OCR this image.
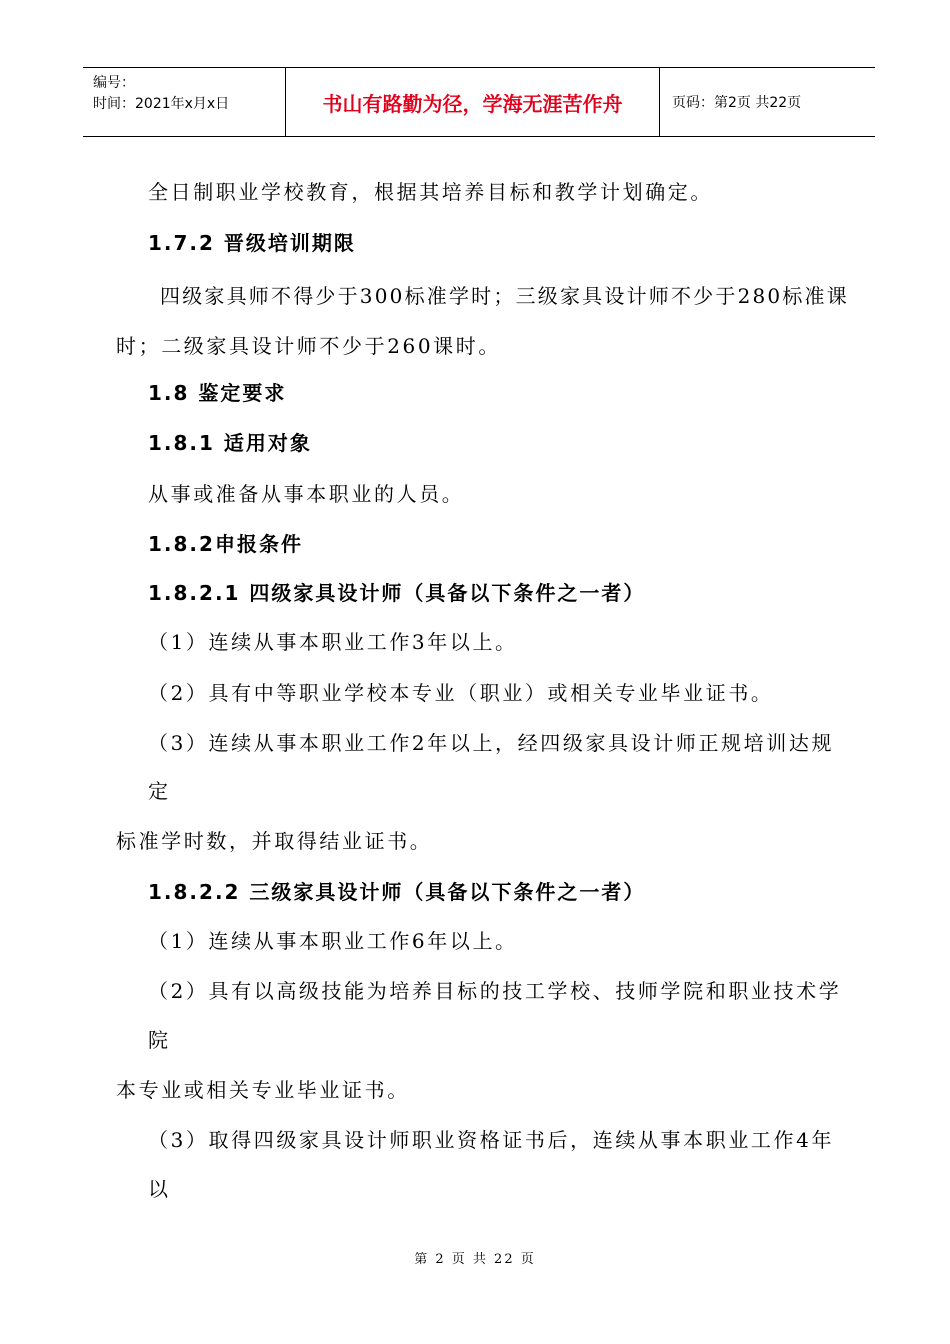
编号：
时间：2021年x月x日	书山有路勤为径，学海无涯苦作舟	页码：第2页 共22页
全日制职业学校教育，根据其培养目标和教学计划确定。
1.7.2 晋级培训期限
四级家具师不得少于300标准学时；三级家具设计师不少于280标准课
时；二级家具设计师不少于260课时。
1.8 鉴定要求
1.8.1 适用对象
从事或准备从事本职业的人员。
1.8.2申报条件
1.8.2.1 四级家具设计师（具备以下条件之一者）
（1）连续从事本职业工作3年以上。
（2）具有中等职业学校本专业（职业）或相关专业毕业证书。
（3）连续从事本职业工作2年以上，经四级家具设计师正规培训达规
定
标准学时数，并取得结业证书。
1.8.2.2 三级家具设计师（具备以下条件之一者）
（1）连续从事本职业工作6年以上。
（2）具有以高级技能为培养目标的技工学校、技师学院和职业技术学
院
本专业或相关专业毕业证书。
（3）取得四级家具设计师职业资格证书后，连续从事本职业工作4年
以
第 2 页 共 22 页
